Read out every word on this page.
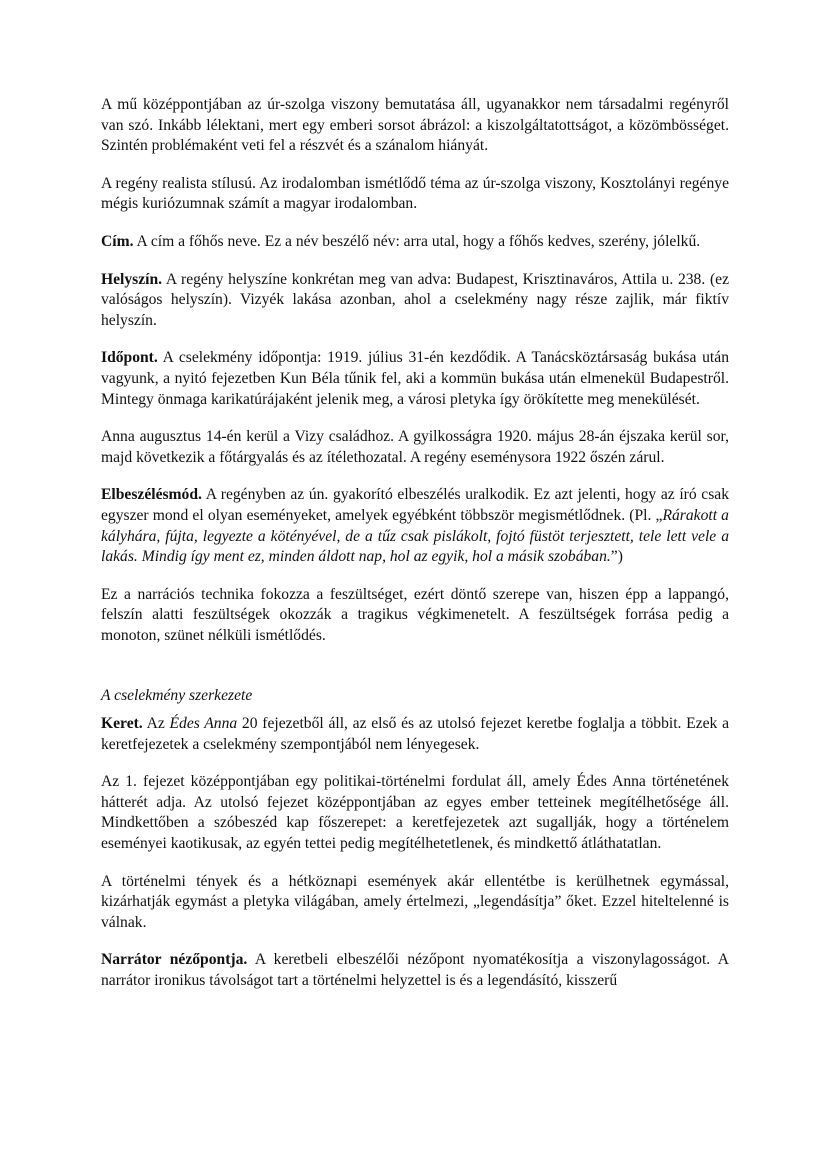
A mű középpontjában az úr-szolga viszony bemutatása áll, ugyanakkor nem társadalmi regényről van szó. Inkább lélektani, mert egy emberi sorsot ábrázol: a kiszolgáltatottságot, a közömbösséget. Szintén problémaként veti fel a részvét és a szánalom hiányát.

A regény realista stílusú. Az irodalomban ismétlődő téma az úr-szolga viszony, Kosztolányi regénye mégis kuriózumnak számít a magyar irodalomban.

Cím. A cím a főhős neve. Ez a név beszélő név: arra utal, hogy a főhős kedves, szerény, jólelkű.

Helyszín. A regény helyszíne konkrétan meg van adva: Budapest, Krisztinaváros, Attila u. 238. (ez valóságos helyszín). Vizyék lakása azonban, ahol a cselekmény nagy része zajlik, már fiktív helyszín.

Időpont. A cselekmény időpontja: 1919. július 31-én kezdődik. A Tanácsköztársaság bukása után vagyunk, a nyitó fejezetben Kun Béla tűnik fel, aki a kommün bukása után elmenekül Budapestről. Mintegy önmaga karikatúrájaként jelenik meg, a városi pletyka így örökítette meg menekülését.

Anna augusztus 14-én kerül a Vizy családhoz. A gyilkosságra 1920. május 28-án éjszaka kerül sor, majd következik a főtárgyalás és az ítélethozatal. A regény eseménysora 1922 őszén zárul.

Elbeszélésmód. A regényben az ún. gyakorító elbeszélés uralkodik. Ez azt jelenti, hogy az író csak egyszer mond el olyan eseményeket, amelyek egyébként többször megismétlődnek. (Pl. „Rárakott a kályhára, fújta, legyezte a kötényével, de a tűz csak pislákolt, fojtó füstöt terjesztett, tele lett vele a lakás. Mindig így ment ez, minden áldott nap, hol az egyik, hol a másik szobában.”)

Ez a narrációs technika fokozza a feszültséget, ezért döntő szerepe van, hiszen épp a lappangó, felszín alatti feszültségek okozzák a tragikus végkimenetelt. A feszültségek forrása pedig a monoton, szünet nélküli ismétlődés.

A cselekmény szerkezete

Keret. Az Édes Anna 20 fejezetből áll, az első és az utolsó fejezet keretbe foglalja a többit. Ezek a keretfejezetek a cselekmény szempontjából nem lényegesek.

Az 1. fejezet középpontjában egy politikai-történelmi fordulat áll, amely Édes Anna történetének hátterét adja. Az utolsó fejezet középpontjában az egyes ember tetteinek megítélhetősége áll. Mindkettőben a szóbeszéd kap főszerepet: a keretfejezetek azt sugallják, hogy a történelem eseményei kaotikusak, az egyén tettei pedig megítélhetetlenek, és mindkettő átláthatatlan.

A történelmi tények és a hétköznapi események akár ellentétbe is kerülhetnek egymással, kizárhatják egymást a pletyka világában, amely értelmezi, „legendásítja” őket. Ezzel hiteltelenné is válnak.

Narrátor nézőpontja. A keretbeli elbeszélői nézőpont nyomatékosítja a viszonylagosságot. A narrátor ironikus távolságot tart a történelmi helyzettel is és a legendásító, kisszerű
